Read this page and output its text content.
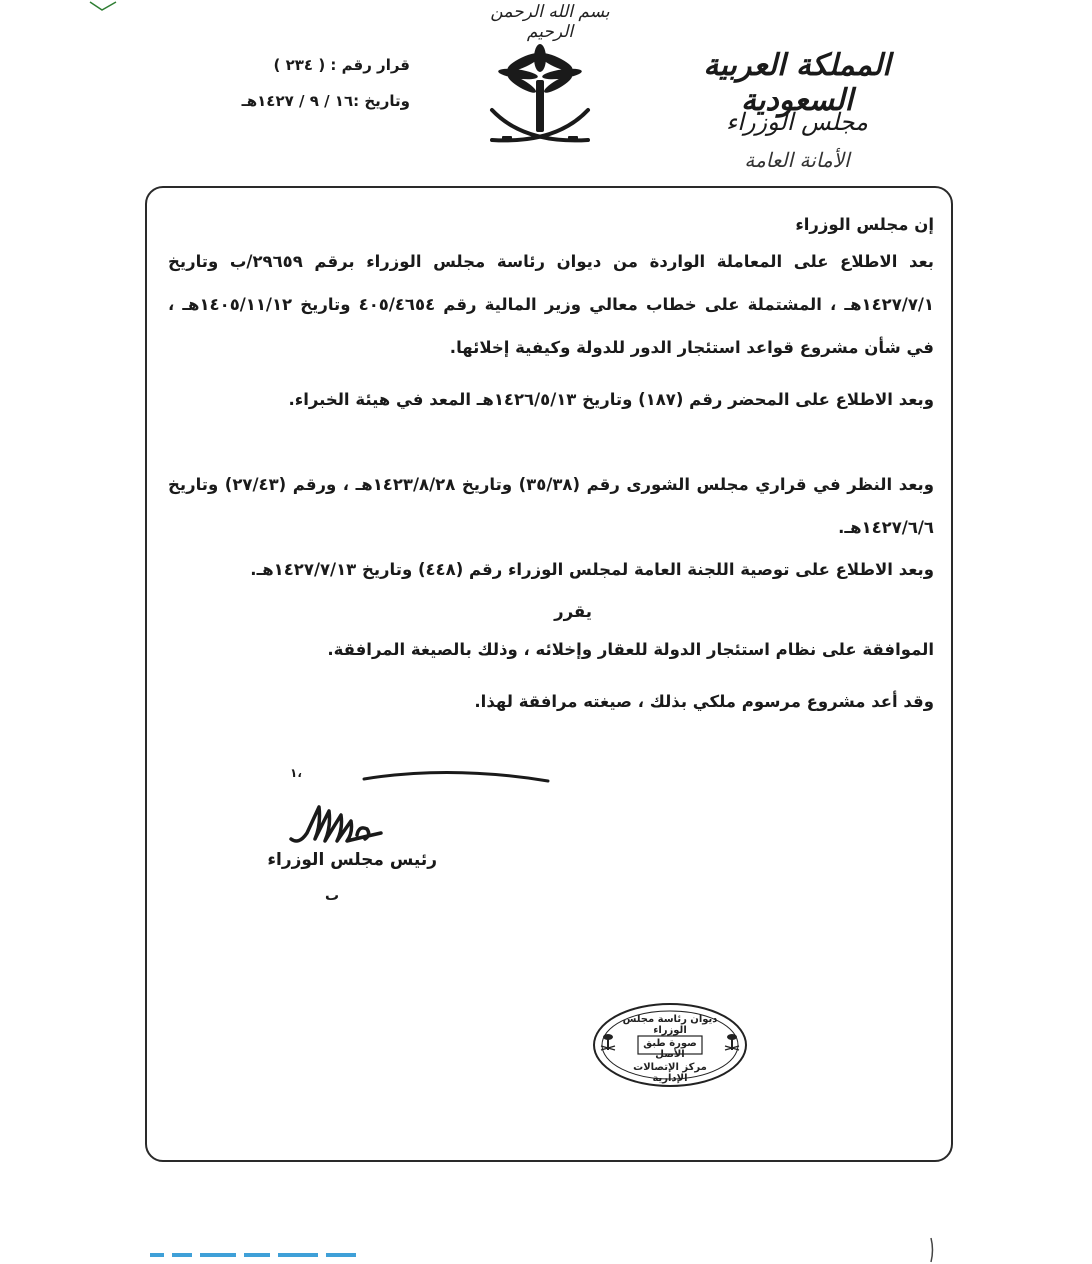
بسم الله الرحمن الرحيم
المملكة العربية السعودية
مجلس الوزراء
الأمانة العامة
قرار رقم : ( ٢٣٤ )
وتاريخ :١٦ / ٩ / ١٤٢٧هـ
إن مجلس الوزراء
بعد الاطلاع على المعاملة الواردة من ديوان رئاسة مجلس الوزراء برقم ٢٩٦٥٩/ب وتاريخ ١٤٢٧/٧/١هـ ، المشتملة على خطاب معالي وزير المالية رقم ٤٠٥/٤٦٥٤ وتاريخ ١٤٠٥/١١/١٢هـ ، في شأن مشروع قواعد استئجار الدور للدولة وكيفية إخلائها.
وبعد الاطلاع على المحضر رقم (١٨٧) وتاريخ ١٤٢٦/٥/١٣هـ المعد في هيئة الخبراء.
وبعد النظر في قراري مجلس الشورى رقم (٣٥/٣٨) وتاريخ ١٤٢٣/٨/٢٨هـ ، ورقم (٢٧/٤٣) وتاريخ ١٤٢٧/٦/٦هـ.
وبعد الاطلاع على توصية اللجنة العامة لمجلس الوزراء رقم (٤٤٨) وتاريخ ١٤٢٧/٧/١٣هـ.
يقرر
الموافقة على نظام استئجار الدولة للعقار وإخلائه ، وذلك بالصيغة المرافقة.
وقد أعد مشروع مرسوم ملكي بذلك ، صيغته مرافقة لهذا.
١،
رئيس مجلس الوزراء
ٮ
ديوان رئاسة مجلس الوزراء
صورة طبق الأصل
مركز الإتصالات الإدارية
